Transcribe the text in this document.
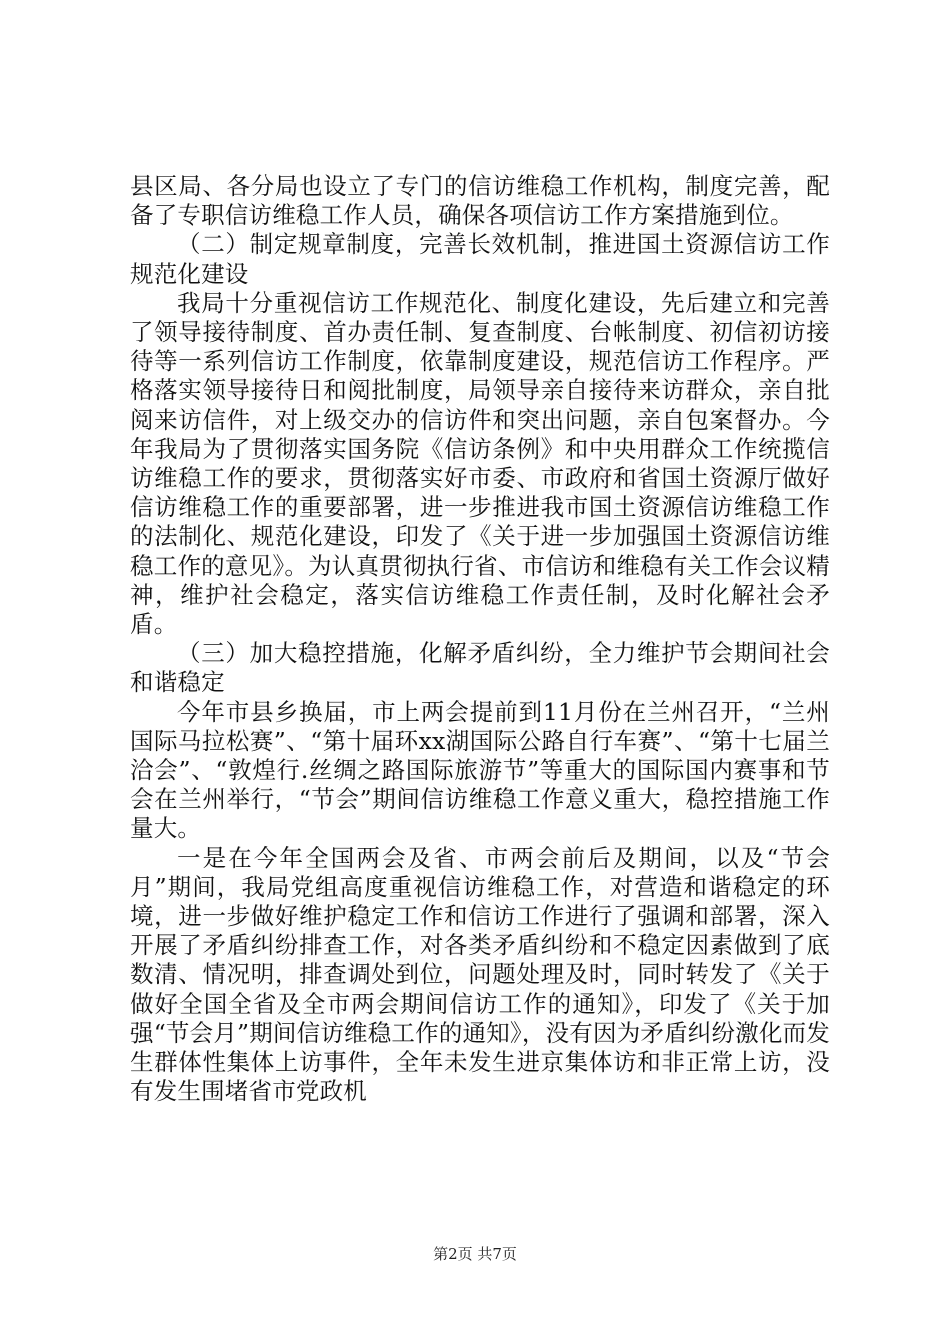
县区局、各分局也设立了专门的信访维稳工作机构，制度完善，配备了专职信访维稳工作人员，确保各项信访工作方案措施到位。

（二）制定规章制度，完善长效机制，推进国土资源信访工作规范化建设

我局十分重视信访工作规范化、制度化建设，先后建立和完善了领导接待制度、首办责任制、复查制度、台帐制度、初信初访接待等一系列信访工作制度，依靠制度建设，规范信访工作程序。严格落实领导接待日和阅批制度，局领导亲自接待来访群众，亲自批阅来访信件，对上级交办的信访件和突出问题，亲自包案督办。今年我局为了贯彻落实国务院《信访条例》和中央用群众工作统揽信访维稳工作的要求，贯彻落实好市委、市政府和省国土资源厅做好信访维稳工作的重要部署，进一步推进我市国土资源信访维稳工作的法制化、规范化建设，印发了《关于进一步加强国土资源信访维稳工作的意见》。为认真贯彻执行省、市信访和维稳有关工作会议精神，维护社会稳定，落实信访维稳工作责任制，及时化解社会矛盾。

（三）加大稳控措施，化解矛盾纠纷，全力维护节会期间社会和谐稳定

今年市县乡换届，市上两会提前到11月份在兰州召开，“兰州国际马拉松赛”、“第十届环xx湖国际公路自行车赛”、“第十七届兰洽会”、“敦煌行.丝绸之路国际旅游节”等重大的国际国内赛事和节会在兰州举行，“节会”期间信访维稳工作意义重大，稳控措施工作量大。

一是在今年全国两会及省、市两会前后及期间，以及“节会月”期间，我局党组高度重视信访维稳工作，对营造和谐稳定的环境，进一步做好维护稳定工作和信访工作进行了强调和部署，深入开展了矛盾纠纷排查工作，对各类矛盾纠纷和不稳定因素做到了底数清、情况明，排查调处到位，问题处理及时，同时转发了《关于做好全国全省及全市两会期间信访工作的通知》，印发了《关于加强“节会月”期间信访维稳工作的通知》，没有因为矛盾纠纷激化而发生群体性集体上访事件，全年未发生进京集体访和非正常上访，没有发生围堵省市党政机

第2页 共7页
